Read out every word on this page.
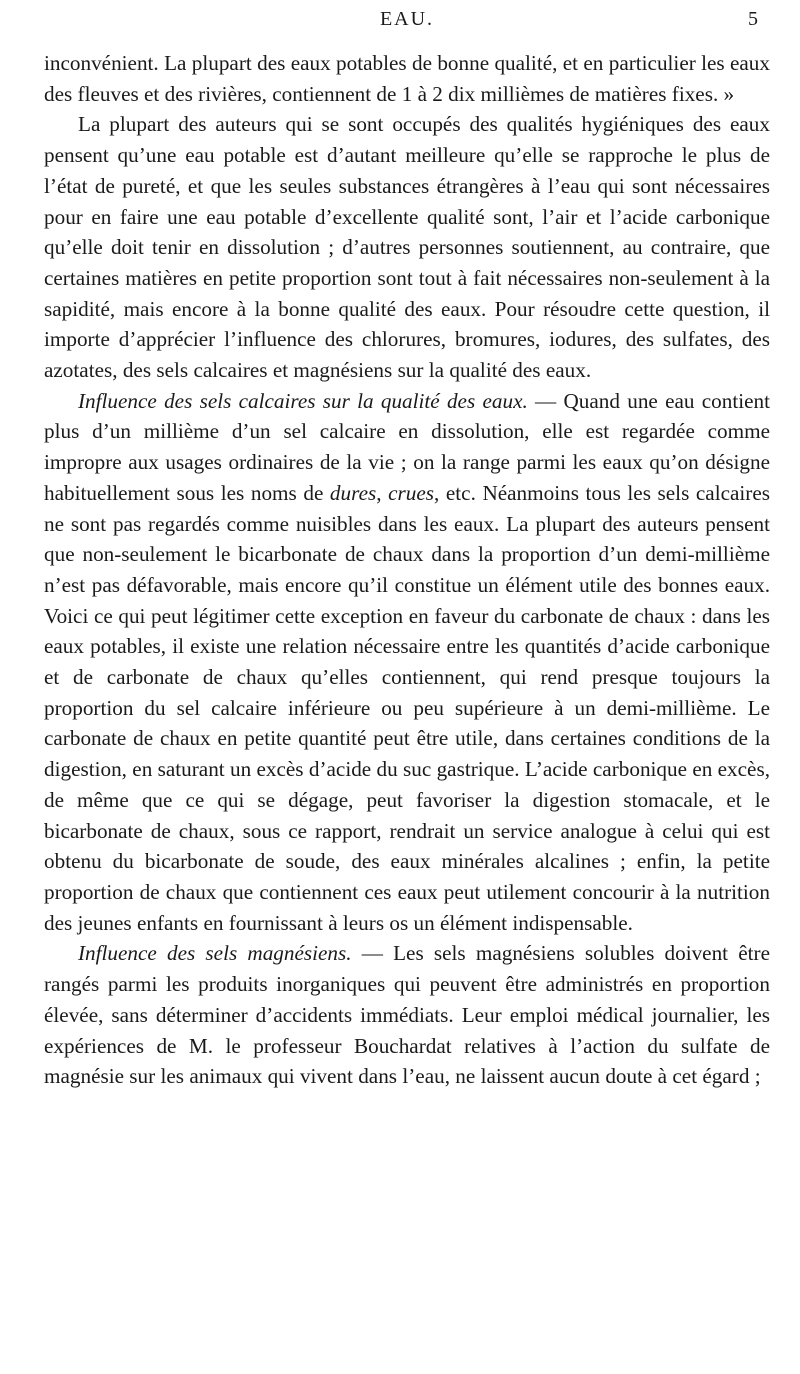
EAU.	5

inconvénient. La plupart des eaux potables de bonne qualité, et en particulier les eaux des fleuves et des rivières, contiennent de 1 à 2 dix millièmes de matières fixes. »

La plupart des auteurs qui se sont occupés des qualités hygiéniques des eaux pensent qu’une eau potable est d’autant meilleure qu’elle se rapproche le plus de l’état de pureté, et que les seules substances étrangères à l’eau qui sont nécessaires pour en faire une eau potable d’excellente qualité sont, l’air et l’acide carbonique qu’elle doit tenir en dissolution ; d’autres personnes soutiennent, au contraire, que certaines matières en petite proportion sont tout à fait nécessaires non-seulement à la sapidité, mais encore à la bonne qualité des eaux. Pour résoudre cette question, il importe d’apprécier l’influence des chlorures, bromures, iodures, des sulfates, des azotates, des sels calcaires et magnésiens sur la qualité des eaux.

Influence des sels calcaires sur la qualité des eaux. — Quand une eau contient plus d’un millième d’un sel calcaire en dissolution, elle est regardée comme impropre aux usages ordinaires de la vie ; on la range parmi les eaux qu’on désigne habituellement sous les noms de dures, crues, etc. Néanmoins tous les sels calcaires ne sont pas regardés comme nuisibles dans les eaux. La plupart des auteurs pensent que non-seulement le bicarbonate de chaux dans la proportion d’un demi-millième n’est pas défavorable, mais encore qu’il constitue un élément utile des bonnes eaux. Voici ce qui peut légitimer cette exception en faveur du carbonate de chaux : dans les eaux potables, il existe une relation nécessaire entre les quantités d’acide carbonique et de carbonate de chaux qu’elles contiennent, qui rend presque toujours la proportion du sel calcaire inférieure ou peu supérieure à un demi-millième. Le carbonate de chaux en petite quantité peut être utile, dans certaines conditions de la digestion, en saturant un excès d’acide du suc gastrique. L’acide carbonique en excès, de même que ce qui se dégage, peut favoriser la digestion stomacale, et le bicarbonate de chaux, sous ce rapport, rendrait un service analogue à celui qui est obtenu du bicarbonate de soude, des eaux minérales alcalines ; enfin, la petite proportion de chaux que contiennent ces eaux peut utilement concourir à la nutrition des jeunes enfants en fournissant à leurs os un élément indispensable.

Influence des sels magnésiens. — Les sels magnésiens solubles doivent être rangés parmi les produits inorganiques qui peuvent être administrés en proportion élevée, sans déterminer d’accidents immédiats. Leur emploi médical journalier, les expériences de M. le professeur Bouchardat relatives à l’action du sulfate de magnésie sur les animaux qui vivent dans l’eau, ne laissent aucun doute à cet égard ;
